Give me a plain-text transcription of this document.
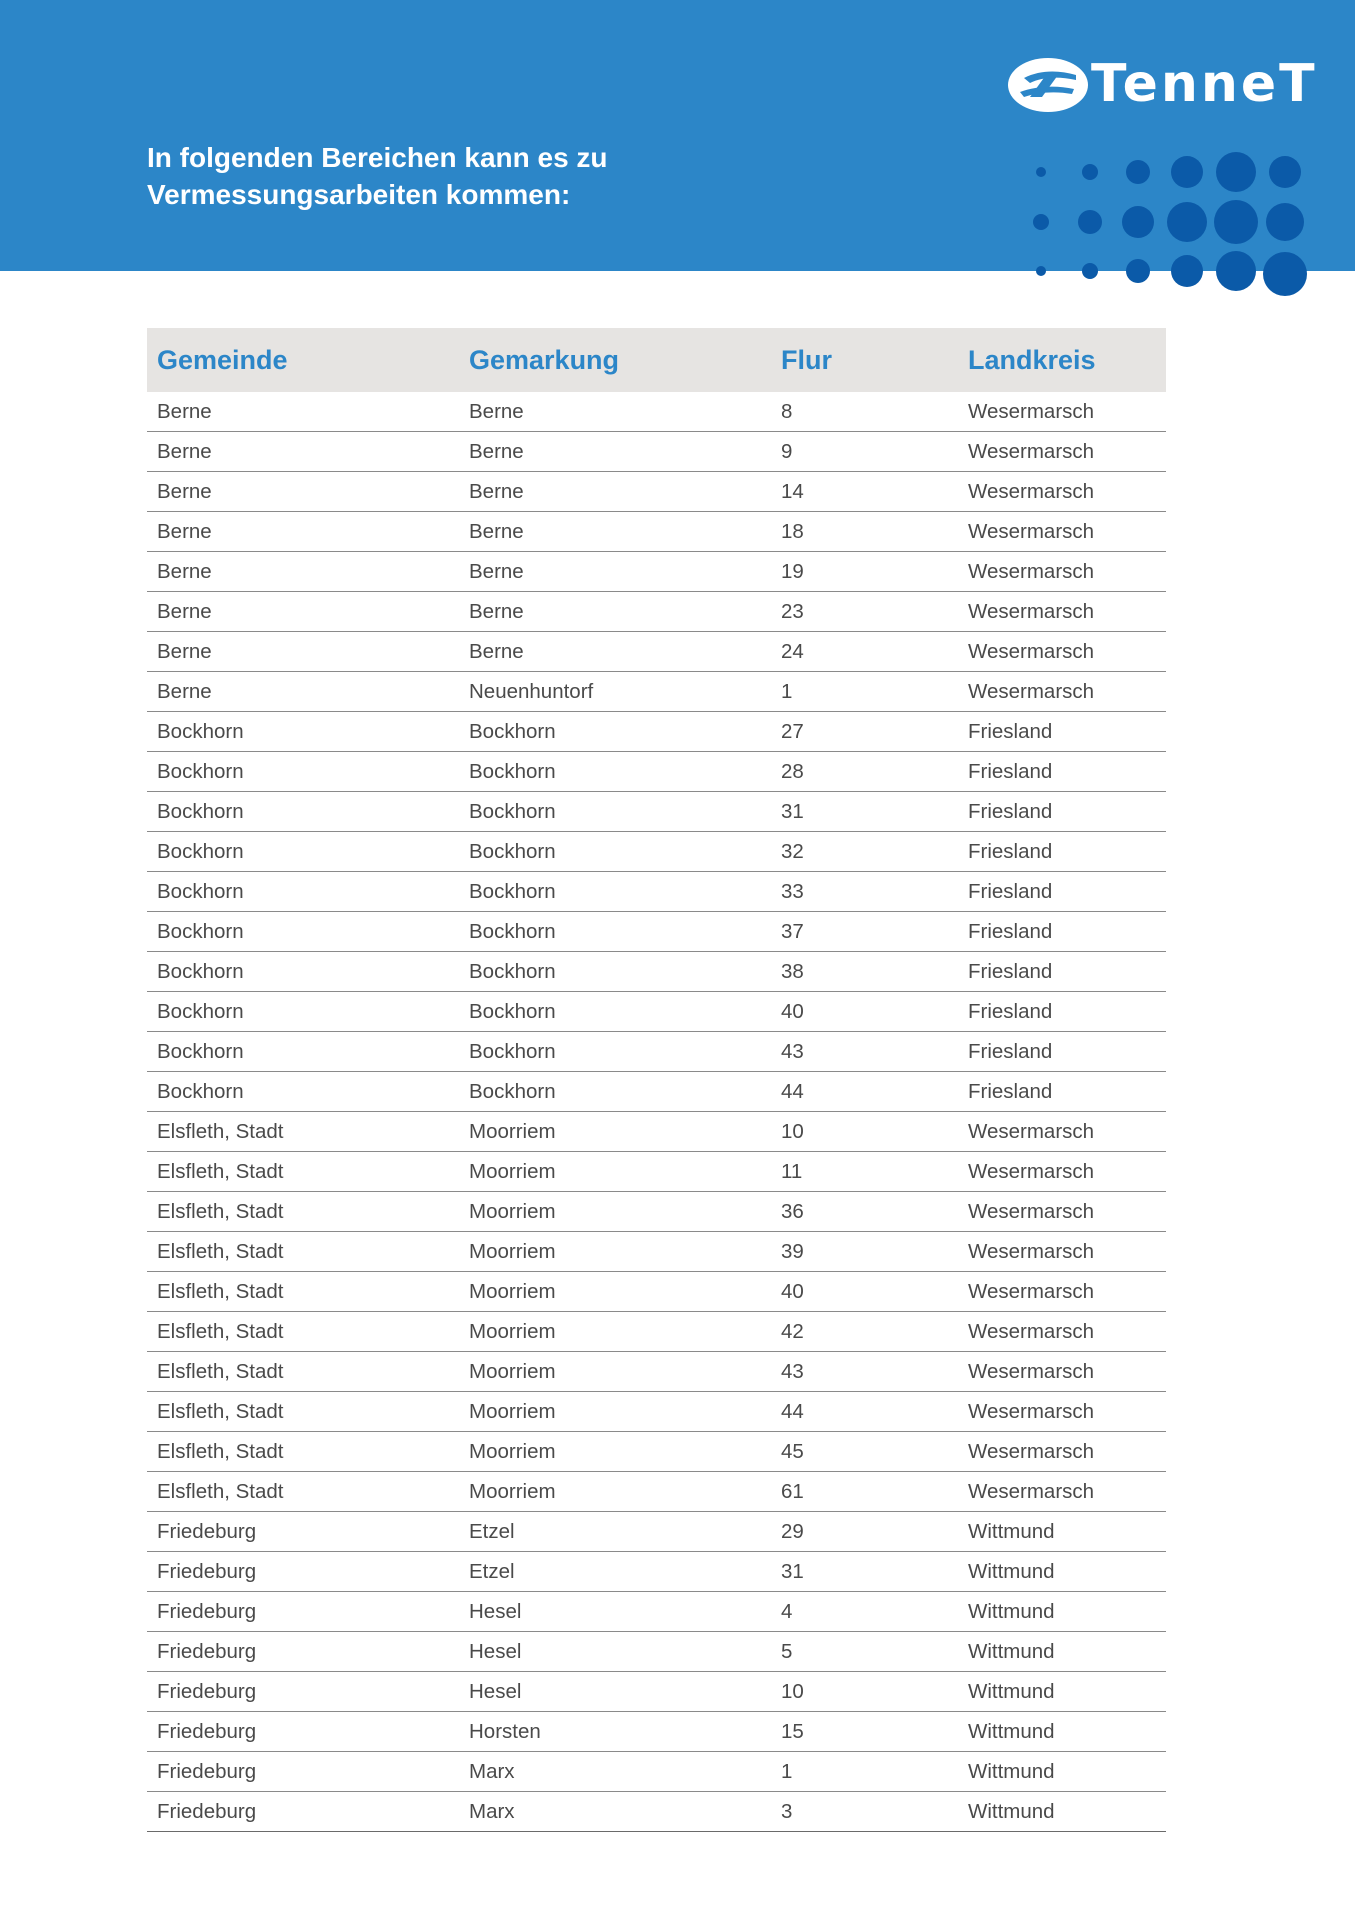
In folgenden Bereichen kann es zu
Vermessungsarbeiten kommen:
TenneT
Gemeinde	Gemarkung	Flur	Landkreis
Berne	Berne	8	Wesermarsch
Berne	Berne	9	Wesermarsch
Berne	Berne	14	Wesermarsch
Berne	Berne	18	Wesermarsch
Berne	Berne	19	Wesermarsch
Berne	Berne	23	Wesermarsch
Berne	Berne	24	Wesermarsch
Berne	Neuenhuntorf	1	Wesermarsch
Bockhorn	Bockhorn	27	Friesland
Bockhorn	Bockhorn	28	Friesland
Bockhorn	Bockhorn	31	Friesland
Bockhorn	Bockhorn	32	Friesland
Bockhorn	Bockhorn	33	Friesland
Bockhorn	Bockhorn	37	Friesland
Bockhorn	Bockhorn	38	Friesland
Bockhorn	Bockhorn	40	Friesland
Bockhorn	Bockhorn	43	Friesland
Bockhorn	Bockhorn	44	Friesland
Elsfleth, Stadt	Moorriem	10	Wesermarsch
Elsfleth, Stadt	Moorriem	11	Wesermarsch
Elsfleth, Stadt	Moorriem	36	Wesermarsch
Elsfleth, Stadt	Moorriem	39	Wesermarsch
Elsfleth, Stadt	Moorriem	40	Wesermarsch
Elsfleth, Stadt	Moorriem	42	Wesermarsch
Elsfleth, Stadt	Moorriem	43	Wesermarsch
Elsfleth, Stadt	Moorriem	44	Wesermarsch
Elsfleth, Stadt	Moorriem	45	Wesermarsch
Elsfleth, Stadt	Moorriem	61	Wesermarsch
Friedeburg	Etzel	29	Wittmund
Friedeburg	Etzel	31	Wittmund
Friedeburg	Hesel	4	Wittmund
Friedeburg	Hesel	5	Wittmund
Friedeburg	Hesel	10	Wittmund
Friedeburg	Horsten	15	Wittmund
Friedeburg	Marx	1	Wittmund
Friedeburg	Marx	3	Wittmund
